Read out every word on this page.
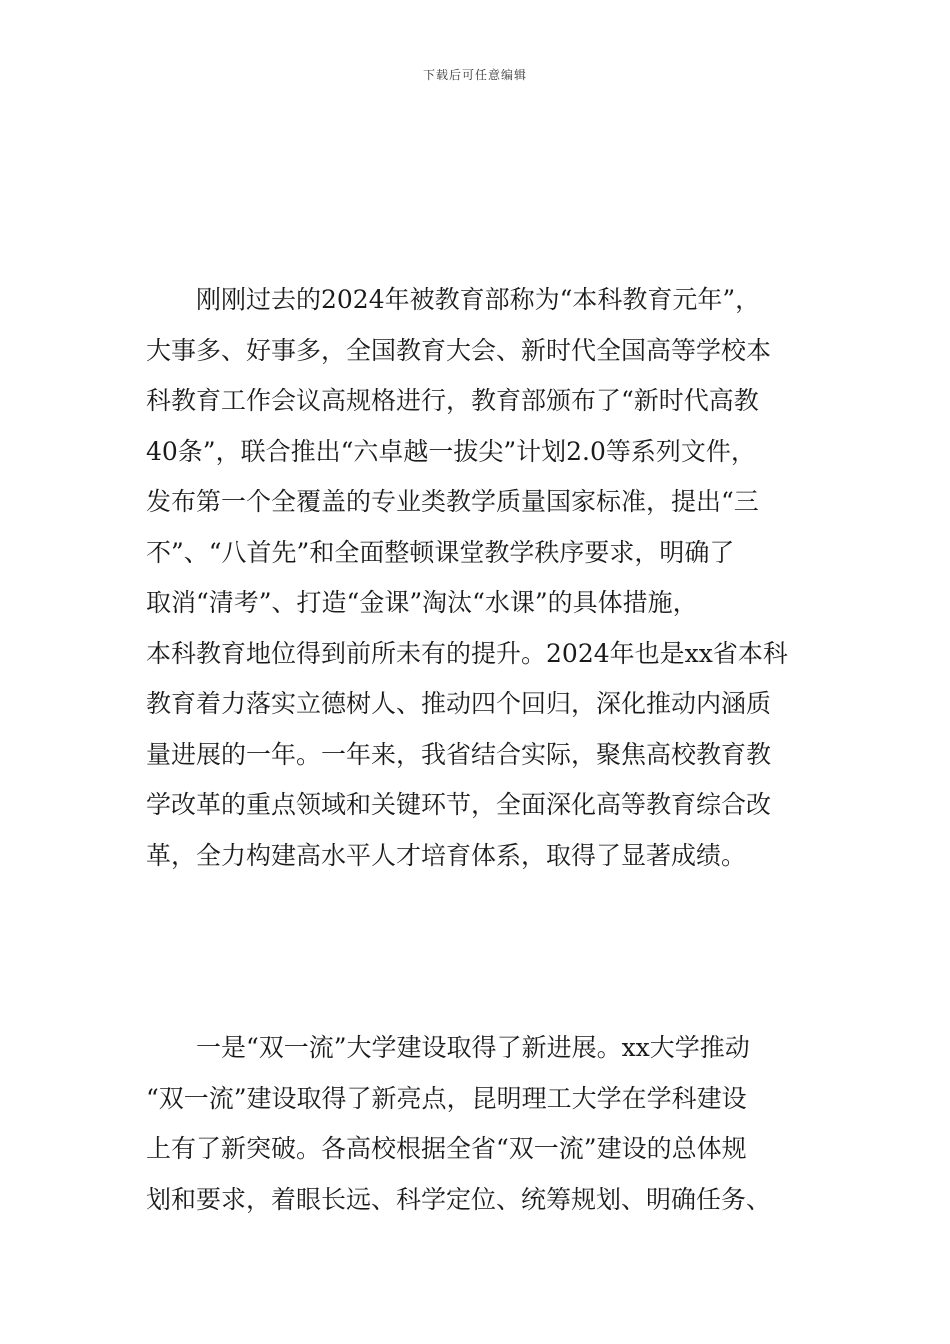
下载后可任意编辑
刚刚过去的2024年被教育部称为“本科教育元年”，
大事多、好事多，全国教育大会、新时代全国高等学校本
科教育工作会议高规格进行，教育部颁布了“新时代高教
40条”，联合推出“六卓越一拔尖”计划2.0等系列文件，
发布第一个全覆盖的专业类教学质量国家标准，提出“三
不”、“八首先”和全面整顿课堂教学秩序要求，明确了
取消“清考”、打造“金课”淘汰“水课”的具体措施，
本科教育地位得到前所未有的提升。2024年也是xx省本科
教育着力落实立德树人、推动四个回归，深化推动内涵质
量进展的一年。一年来，我省结合实际，聚焦高校教育教
学改革的重点领域和关键环节，全面深化高等教育综合改
革，全力构建高水平人才培育体系，取得了显著成绩。
一是“双一流”大学建设取得了新进展。xx大学推动
“双一流”建设取得了新亮点，昆明理工大学在学科建设
上有了新突破。各高校根据全省“双一流”建设的总体规
划和要求，着眼长远、科学定位、统筹规划、明确任务、
